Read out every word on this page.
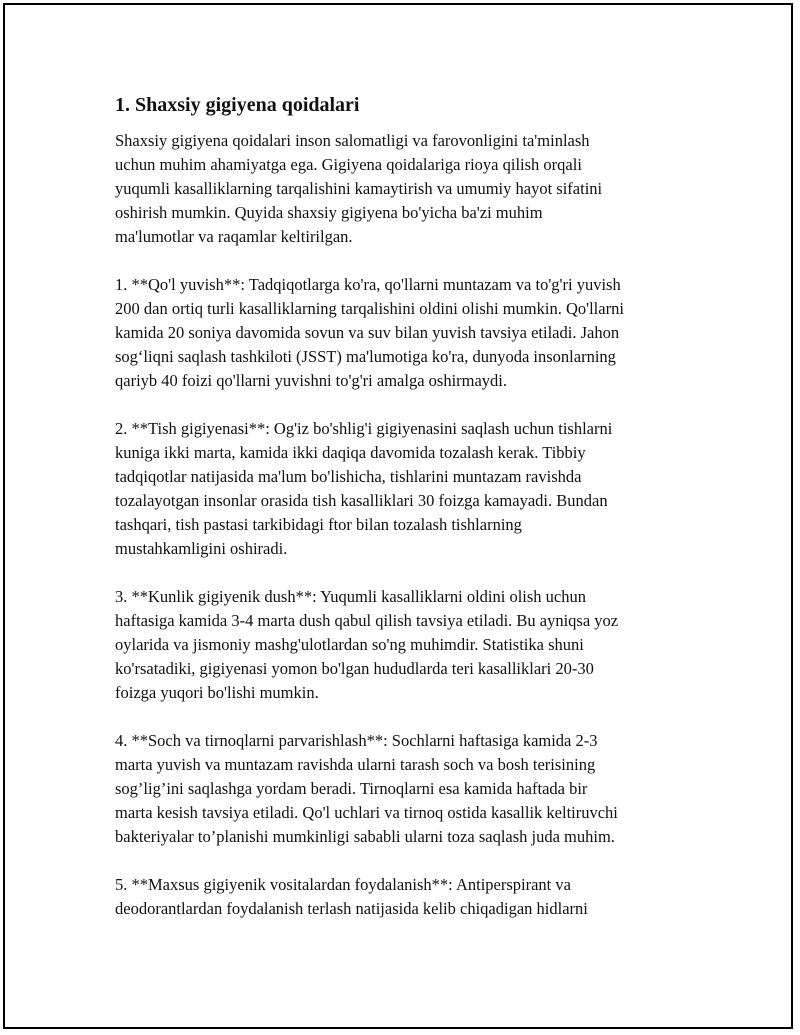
1. Shaxsiy gigiyena qoidalari

Shaxsiy gigiyena qoidalari inson salomatligi va farovonligini ta'minlash
uchun muhim ahamiyatga ega. Gigiyena qoidalariga rioya qilish orqali
yuqumli kasalliklarning tarqalishini kamaytirish va umumiy hayot sifatini
oshirish mumkin. Quyida shaxsiy gigiyena bo'yicha ba'zi muhim
ma'lumotlar va raqamlar keltirilgan.

1. **Qo'l yuvish**: Tadqiqotlarga ko'ra, qo'llarni muntazam va to'g'ri yuvish
200 dan ortiq turli kasalliklarning tarqalishini oldini olishi mumkin. Qo'llarni
kamida 20 soniya davomida sovun va suv bilan yuvish tavsiya etiladi. Jahon
sog‘liqni saqlash tashkiloti (JSST) ma'lumotiga ko'ra, dunyoda insonlarning
qariyb 40 foizi qo'llarni yuvishni to'g'ri amalga oshirmaydi.

2. **Tish gigiyenasi**: Og'iz bo'shlig'i gigiyenasini saqlash uchun tishlarni
kuniga ikki marta, kamida ikki daqiqa davomida tozalash kerak. Tibbiy
tadqiqotlar natijasida ma'lum bo'lishicha, tishlarini muntazam ravishda
tozalayotgan insonlar orasida tish kasalliklari 30 foizga kamayadi. Bundan
tashqari, tish pastasi tarkibidagi ftor bilan tozalash tishlarning
mustahkamligini oshiradi.

3. **Kunlik gigiyenik dush**: Yuqumli kasalliklarni oldini olish uchun
haftasiga kamida 3-4 marta dush qabul qilish tavsiya etiladi. Bu ayniqsa yoz
oylarida va jismoniy mashg'ulotlardan so'ng muhimdir. Statistika shuni
ko'rsatadiki, gigiyenasi yomon bo'lgan hududlarda teri kasalliklari 20-30
foizga yuqori bo'lishi mumkin.

4. **Soch va tirnoqlarni parvarishlash**: Sochlarni haftasiga kamida 2-3
marta yuvish va muntazam ravishda ularni tarash soch va bosh terisining
sog’lig’ini saqlashga yordam beradi. Tirnoqlarni esa kamida haftada bir
marta kesish tavsiya etiladi. Qo'l uchlari va tirnoq ostida kasallik keltiruvchi
bakteriyalar to’planishi mumkinligi sababli ularni toza saqlash juda muhim.

5. **Maxsus gigiyenik vositalardan foydalanish**: Antiperspirant va
deodorantlardan foydalanish terlash natijasida kelib chiqadigan hidlarni
